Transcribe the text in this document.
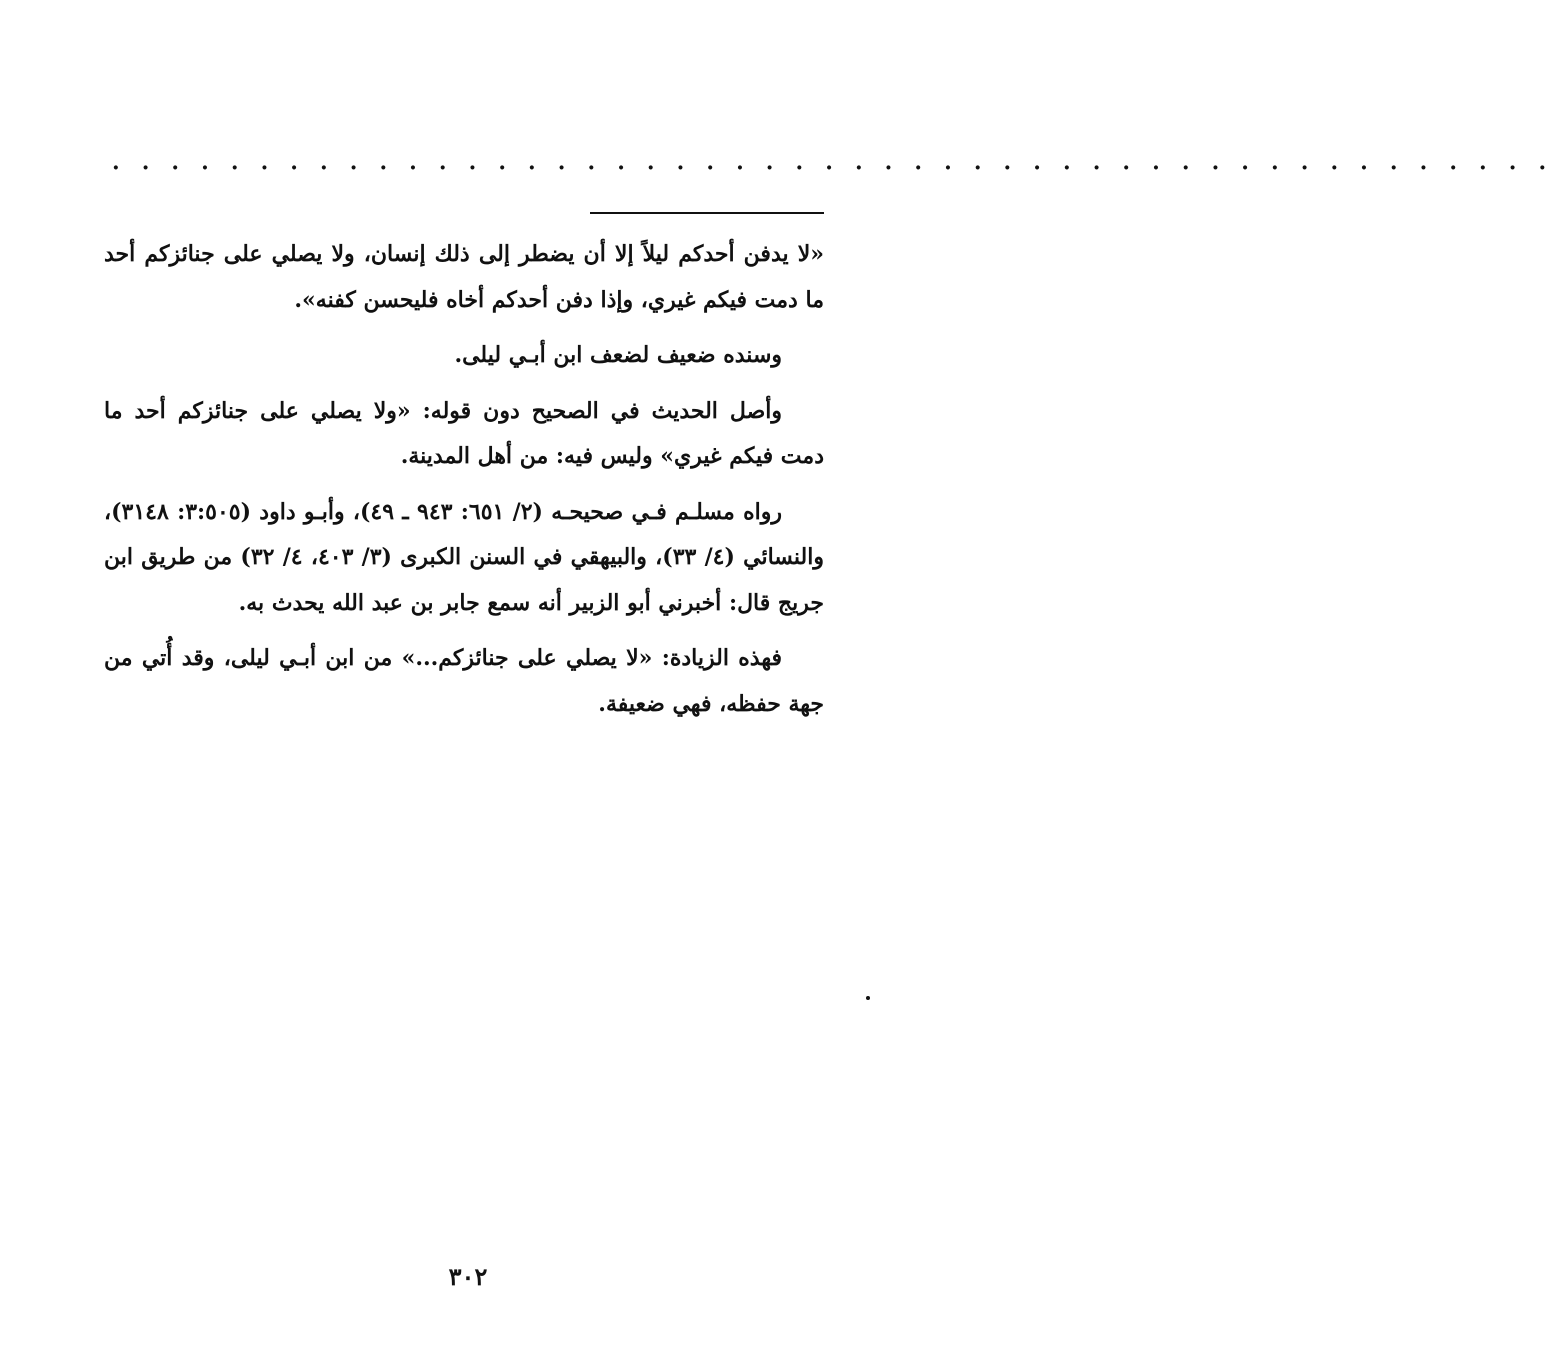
· · · · · · · · · · · · · · · · · · · · · · · · · · · · · · · · · · · · · · · · · · · · · · · · ·

«لا يدفن أحدكم ليلاً إلا أن يضطر إلى ذلك إنسان، ولا يصلي على جنائزكم أحد ما دمت فيكم غيري، وإذا دفن أحدكم أخاه فليحسن كفنه».

وسنده ضعيف لضعف ابن أبـي ليلى.

وأصل الحديث في الصحيح دون قوله: «ولا يصلي على جنائزكم أحد ما دمت فيكم غيري» وليس فيه: من أهل المدينة.

رواه مسلـم فـي صحيحـه (٢/ ٦٥١: ٩٤٣ ـ ٤٩)، وأبـو داود (٣:٥٠٥: ٣١٤٨)، والنسائي (٤/ ٣٣)، والبيهقي في السنن الكبرى (٣/ ٤٠٣، ٤/ ٣٢) من طريق ابن جريج قال: أخبرني أبو الزبير أنه سمع جابر بن عبد الله يحدث به.

فهذه الزيادة: «لا يصلي على جنائزكم...» من ابن أبـي ليلى، وقد أُتي من جهة حفظه، فهي ضعيفة.

٣٠٢
